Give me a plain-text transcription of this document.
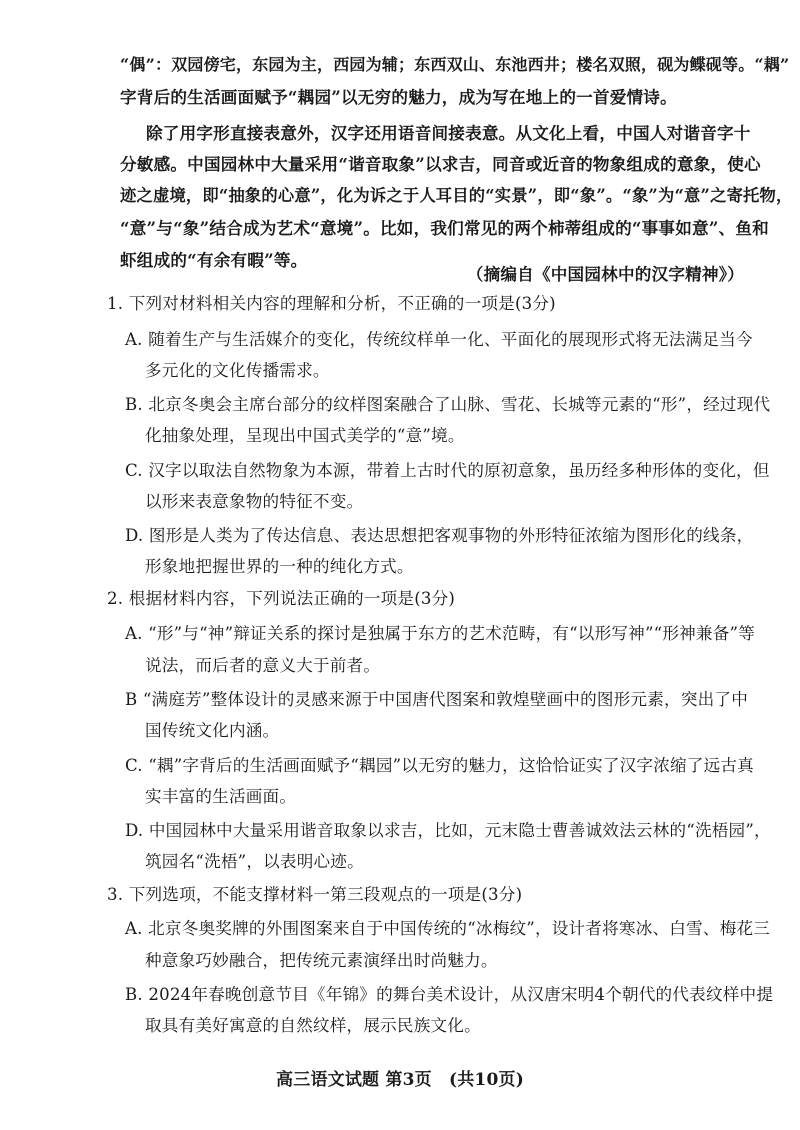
“偶”：双园傍宅，东园为主，西园为辅；东西双山、东池西井；楼名双照，砚为鲽砚等。“耦”
字背后的生活画面赋予“耦园”以无穷的魅力，成为写在地上的一首爱情诗。
除了用字形直接表意外，汉字还用语音间接表意。从文化上看，中国人对谐音字十
分敏感。中国园林中大量采用“谐音取象”以求吉，同音或近音的物象组成的意象，使心
迹之虚境，即“抽象的心意”，化为诉之于人耳目的“实景”，即“象”。“象”为“意”之寄托物，
“意”与“象”结合成为艺术“意境”。比如，我们常见的两个柿蒂组成的“事事如意”、鱼和
虾组成的“有余有暇”等。
（摘编自《中国园林中的汉字精神》）
1. 下列对材料相关内容的理解和分析，不正确的一项是(3分)
A. 随着生产与生活媒介的变化，传统纹样单一化、平面化的展现形式将无法满足当今
多元化的文化传播需求。
B. 北京冬奥会主席台部分的纹样图案融合了山脉、雪花、长城等元素的“形”，经过现代
化抽象处理，呈现出中国式美学的“意”境。
C. 汉字以取法自然物象为本源，带着上古时代的原初意象，虽历经多种形体的变化，但
以形来表意象物的特征不变。
D. 图形是人类为了传达信息、表达思想把客观事物的外形特征浓缩为图形化的线条，
形象地把握世界的一种的纯化方式。
2. 根据材料内容，下列说法正确的一项是(3分)
A. “形”与“神”辩证关系的探讨是独属于东方的艺术范畴，有“以形写神”“形神兼备”等
说法，而后者的意义大于前者。
B “满庭芳”整体设计的灵感来源于中国唐代图案和敦煌壁画中的图形元素，突出了中
国传统文化内涵。
C. “耦”字背后的生活画面赋予“耦园”以无穷的魅力，这恰恰证实了汉字浓缩了远古真
实丰富的生活画面。
D. 中国园林中大量采用谐音取象以求吉，比如，元末隐士曹善诚效法云林的“洗梧园”，
筑园名“洗梧”，以表明心迹。
3. 下列选项，不能支撑材料一第三段观点的一项是(3分)
A. 北京冬奥奖牌的外围图案来自于中国传统的“冰梅纹”，设计者将寒冰、白雪、梅花三
种意象巧妙融合，把传统元素演绎出时尚魅力。
B. 2024年春晚创意节目《年锦》的舞台美术设计，从汉唐宋明4个朝代的代表纹样中提
取具有美好寓意的自然纹样，展示民族文化。
高三语文试题 第3页　(共10页)
